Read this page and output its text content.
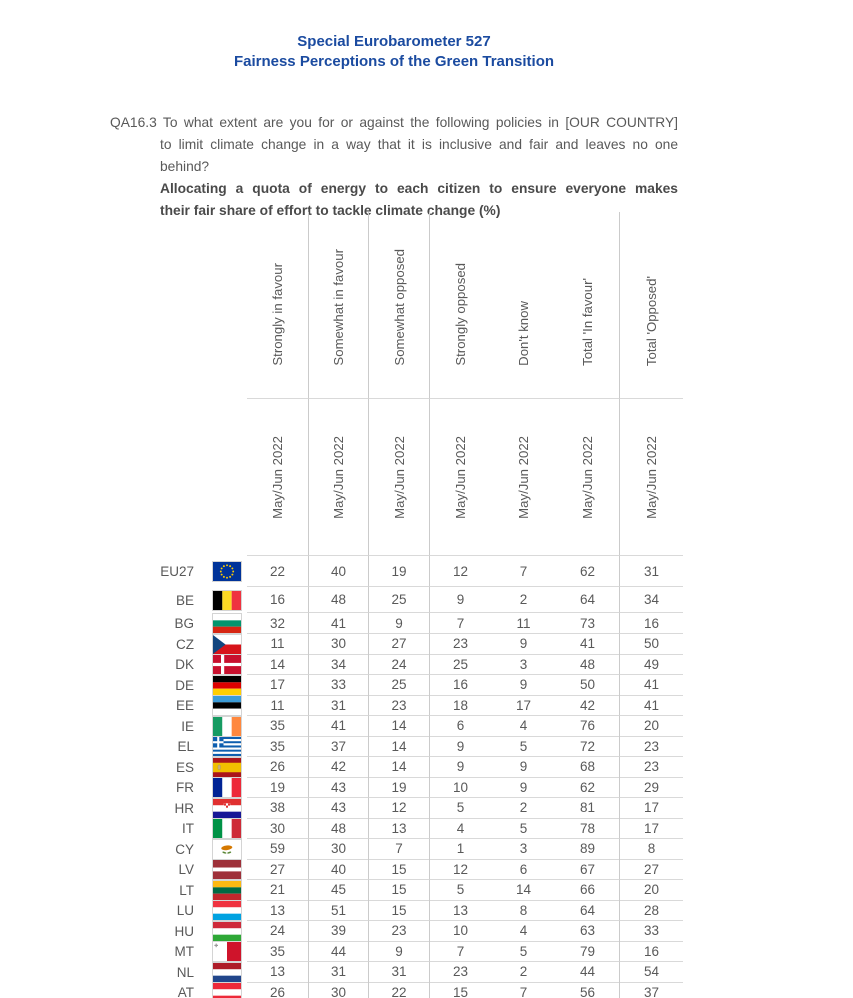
Special Eurobarometer 527
Fairness Perceptions of the Green Transition
QA16.3 To what extent are you for or against the following policies in [OUR COUNTRY]
to limit climate change in a way that it is inclusive and fair and leaves no one
behind?
Allocating a quota of energy to each citizen to ensure everyone makes
their fair share of effort to tackle climate change (%)
Strongly in favour	Somewhat in favour	Somewhat opposed	Strongly opposed	Don't know	Total 'In favour'	Total 'Opposed'
May/Jun 2022	May/Jun 2022	May/Jun 2022	May/Jun 2022	May/Jun 2022	May/Jun 2022	May/Jun 2022
EU27	22	40	19	12	7	62	31
BE	16	48	25	9	2	64	34
BG	32	41	9	7	11	73	16
CZ	11	30	27	23	9	41	50
DK	14	34	24	25	3	48	49
DE	17	33	25	16	9	50	41
EE	11	31	23	18	17	42	41
IE	35	41	14	6	4	76	20
EL	35	37	14	9	5	72	23
ES	26	42	14	9	9	68	23
FR	19	43	19	10	9	62	29
HR	38	43	12	5	2	81	17
IT	30	48	13	4	5	78	17
CY	59	30	7	1	3	89	8
LV	27	40	15	12	6	67	27
LT	21	45	15	5	14	66	20
LU	13	51	15	13	8	64	28
HU	24	39	23	10	4	63	33
MT	35	44	9	7	5	79	16
NL	13	31	31	23	2	44	54
AT	26	30	22	15	7	56	37
